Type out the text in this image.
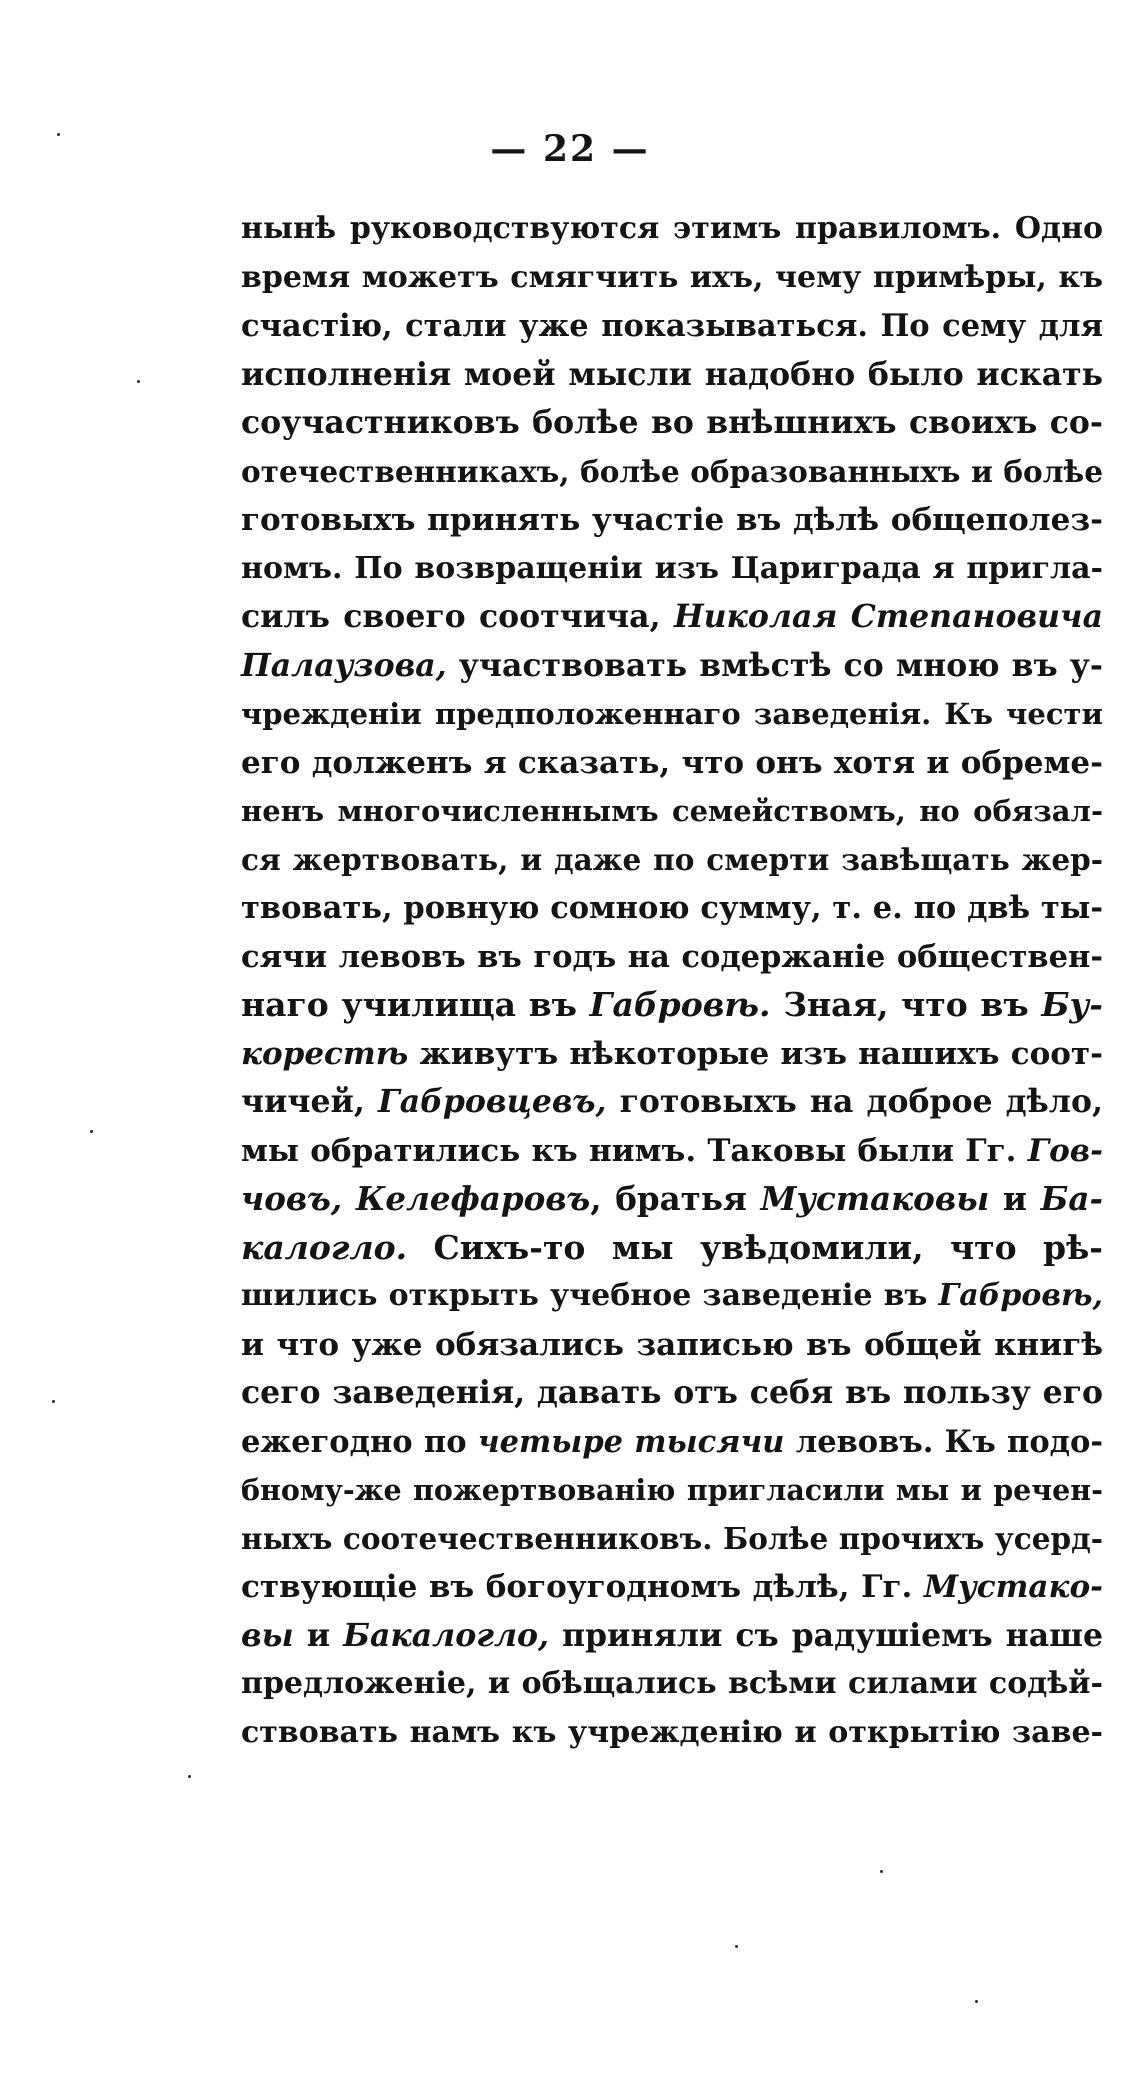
— 22 —
нынѣ руководствуются этимъ правиломъ. Одно
время можетъ смягчить ихъ, чему примѣры, къ
счастію, стали уже показываться. По сему для
исполненія моей мысли надобно было искать
соучастниковъ болѣе во внѣшнихъ своихъ со-
отечественникахъ, болѣе образованныхъ и болѣе
готовыхъ принять участіе въ дѣлѣ общеполез-
номъ. По возвращеніи изъ Цариграда я пригла-
силъ своего соотчича, Николая Степановича
Палаузова, участвовать вмѣстѣ со мною въ у-
чрежденіи предположеннаго заведенія. Къ чести
его долженъ я сказать, что онъ хотя и обреме-
ненъ многочисленнымъ семействомъ, но обязал-
ся жертвовать, и даже по смерти завѣщать жер-
твовать, ровную сомною сумму, т. е. по двѣ ты-
сячи левовъ въ годъ на содержаніе обществен-
наго училища въ Габровѣ. Зная, что въ Бу-
корестѣ живутъ нѣкоторые изъ нашихъ соот-
чичей, Габровцевъ, готовыхъ на доброе дѣло,
мы обратились къ нимъ. Таковы были Гг. Гов-
човъ, Келефаровъ, братья Мустаковы и Ба-
калогло. Сихъ-то мы увѣдомили, что рѣ-
шились открыть учебное заведеніе въ Габровѣ,
и что уже обязались записью въ общей книгѣ
сего заведенія, давать отъ себя въ пользу его
ежегодно по четыре тысячи левовъ. Къ подо-
бному-же пожертвованію пригласили мы и речен-
ныхъ соотечественниковъ. Болѣе прочихъ усерд-
ствующіе въ богоугодномъ дѣлѣ, Гг. Мустако-
вы и Бакалогло, приняли съ радушіемъ наше
предложеніе, и обѣщались всѣми силами содѣй-
ствовать намъ къ учрежденію и открытію заве-
